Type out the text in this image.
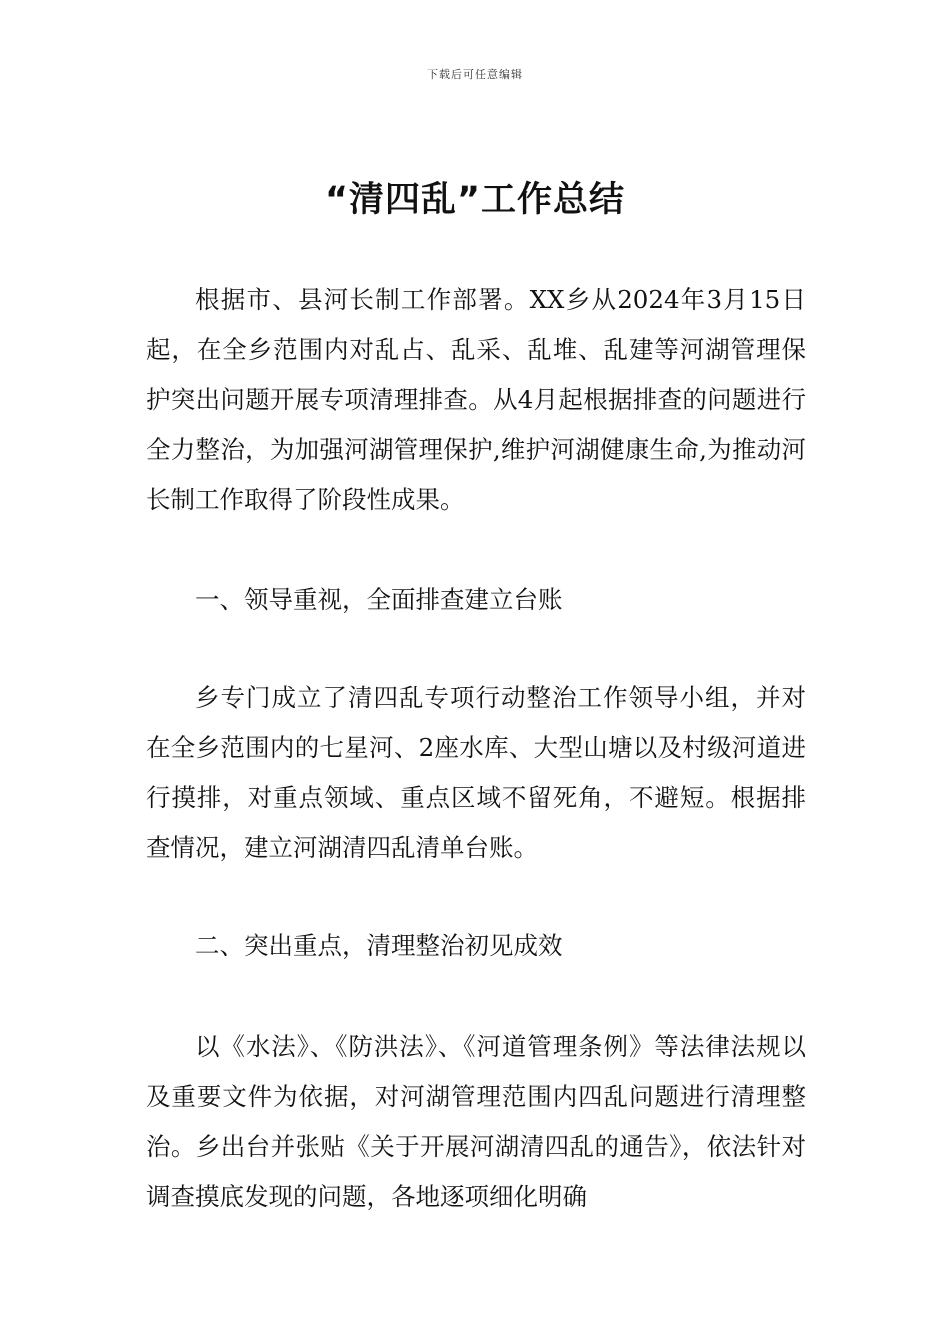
下载后可任意编辑
“清四乱”工作总结

根据市、县河长制工作部署。XX乡从2024年3月15日起，在全乡范围内对乱占、乱采、乱堆、乱建等河湖管理保护突出问题开展专项清理排查。从4月起根据排查的问题进行全力整治，为加强河湖管理保护,维护河湖健康生命,为推动河长制工作取得了阶段性成果。

一、领导重视，全面排查建立台账

乡专门成立了清四乱专项行动整治工作领导小组，并对在全乡范围内的七星河、2座水库、大型山塘以及村级河道进行摸排，对重点领域、重点区域不留死角，不避短。根据排查情况，建立河湖清四乱清单台账。

二、突出重点，清理整治初见成效

以《水法》、《防洪法》、《河道管理条例》等法律法规以及重要文件为依据，对河湖管理范围内四乱问题进行清理整治。乡出台并张贴《关于开展河湖清四乱的通告》，依法针对调查摸底发现的问题，各地逐项细化明确
